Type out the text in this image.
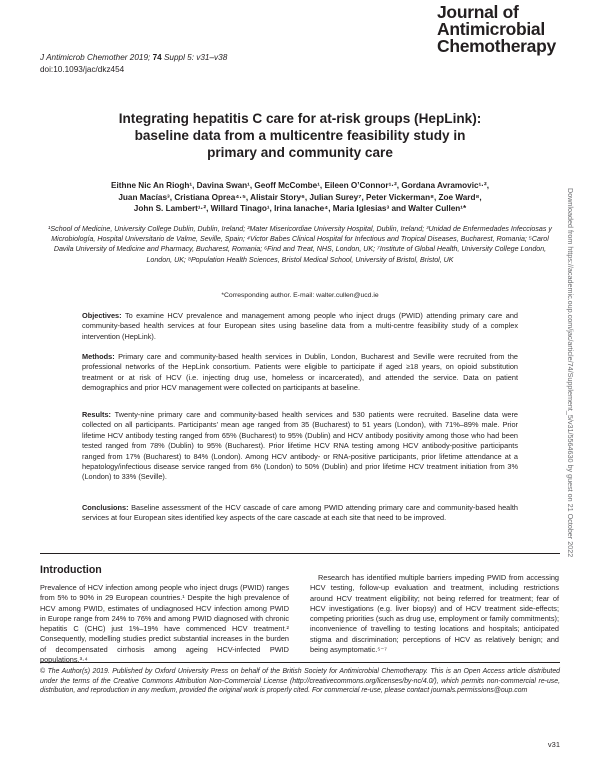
J Antimicrob Chemother 2019; 74 Suppl 5: v31–v38
doi:10.1093/jac/dkz454
Journal of
Antimicrobial
Chemotherapy
Integrating hepatitis C care for at-risk groups (HepLink):
baseline data from a multicentre feasibility study in
primary and community care
Eithne Nic An Riogh¹, Davina Swan¹, Geoff McCombe¹, Eileen O’Connor¹·², Gordana Avramovic¹·²,
Juan Macías³, Cristiana Oprea⁴·⁵, Alistair Story⁶, Julian Surey⁷, Peter Vickerman⁸, Zoe Ward⁸,
John S. Lambert¹·², Willard Tinago¹, Irina Ianache⁴, Maria Iglesias³ and Walter Cullen¹*
¹School of Medicine, University College Dublin, Dublin, Ireland; ²Mater Misericordiae University Hospital, Dublin, Ireland; ³Unidad de Enfermedades Infecciosas y Microbiología, Hospital Universitario de Valme, Seville, Spain; ⁴Victor Babes Clinical Hospital for Infectious and Tropical Diseases, Bucharest, Romania; ⁵Carol Davila University of Medicine and Pharmacy, Bucharest, Romania; ⁶Find and Treat, NHS, London, UK; ⁷Institute of Global Health, University College London, London, UK; ⁸Population Health Sciences, Bristol Medical School, University of Bristol, Bristol, UK
*Corresponding author. E-mail: walter.cullen@ucd.ie
Objectives: To examine HCV prevalence and management among people who inject drugs (PWID) attending primary care and community-based health services at four European sites using baseline data from a multi-centre feasibility study of a complex intervention (HepLink).
Methods: Primary care and community-based health services in Dublin, London, Bucharest and Seville were recruited from the professional networks of the HepLink consortium. Patients were eligible to participate if aged ≥18 years, on opioid substitution treatment or at risk of HCV (i.e. injecting drug use, homeless or incarcerated), and attended the service. Data on patient demographics and prior HCV management were collected on participants at baseline.
Results: Twenty-nine primary care and community-based health services and 530 patients were recruited. Baseline data were collected on all participants. Participants’ mean age ranged from 35 (Bucharest) to 51 years (London), with 71%–89% male. Prior lifetime HCV antibody testing ranged from 65% (Bucharest) to 95% (Dublin) and HCV antibody positivity among those who had been tested ranged from 78% (Dublin) to 95% (Bucharest). Prior lifetime HCV RNA testing among HCV antibody-positive participants ranged from 17% (Bucharest) to 84% (London). Among HCV antibody- or RNA-positive participants, prior lifetime attendance at a hepatology/infectious disease service ranged from 6% (London) to 50% (Dublin) and prior lifetime HCV treatment initiation from 3% (London) to 33% (Seville).
Conclusions: Baseline assessment of the HCV cascade of care among PWID attending primary care and community-based health services at four European sites identified key aspects of the care cascade at each site that need to be improved.
Introduction
Prevalence of HCV infection among people who inject drugs (PWID) ranges from 5% to 90% in 29 European countries.¹ Despite the high prevalence of HCV among PWID, estimates of undiagnosed HCV infection among PWID in Europe range from 24% to 76% and among PWID diagnosed with chronic hepatitis C (CHC) just 1%–19% have commenced HCV treatment.² Consequently, modelling studies predict substantial increases in the burden of decompensated cirrhosis among ageing HCV-infected PWID populations.³·⁴
Research has identified multiple barriers impeding PWID from accessing HCV testing, follow-up evaluation and treatment, including restrictions around HCV treatment eligibility; not being referred for treatment; fear of HCV investigations (e.g. liver biopsy) and of HCV treatment side-effects; competing priorities (such as drug use, employment or family commitments); inconvenience of travelling to testing locations and hospitals; anticipated stigma and discrimination; perceptions of HCV as relatively benign; and being asymptomatic.⁵⁻⁷
© The Author(s) 2019. Published by Oxford University Press on behalf of the British Society for Antimicrobial Chemotherapy. This is an Open Access article distributed under the terms of the Creative Commons Attribution Non-Commercial License (http://creativecommons.org/licenses/by-nc/4.0/), which permits non-commercial re-use, distribution, and reproduction in any medium, provided the original work is properly cited. For commercial re-use, please contact journals.permissions@oup.com
v31
Downloaded from https://academic.oup.com/jac/article/74/Supplement_5/v31/5564630 by guest on 21 October 2022
